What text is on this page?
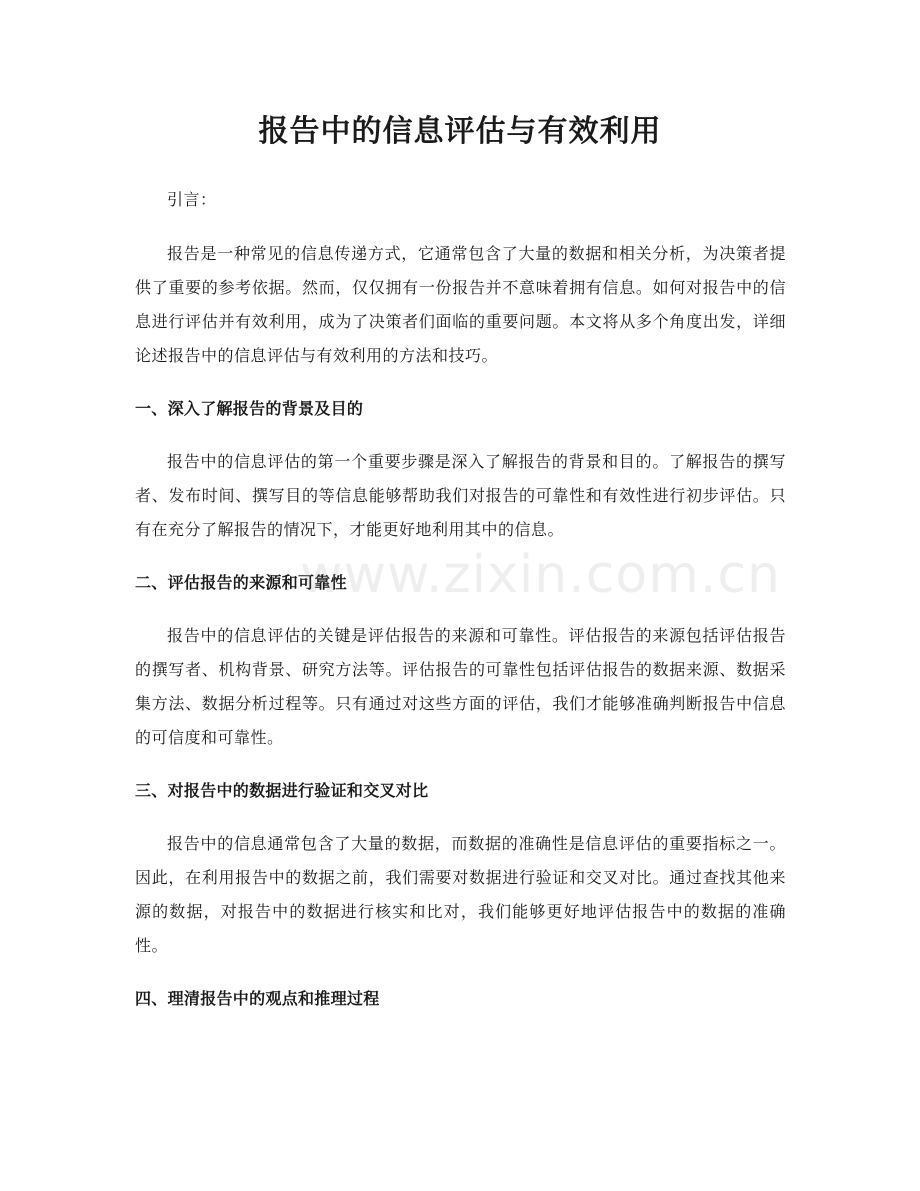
报告中的信息评估与有效利用

引言：

报告是一种常见的信息传递方式，它通常包含了大量的数据和相关分析，为决策者提供了重要的参考依据。然而，仅仅拥有一份报告并不意味着拥有信息。如何对报告中的信息进行评估并有效利用，成为了决策者们面临的重要问题。本文将从多个角度出发，详细论述报告中的信息评估与有效利用的方法和技巧。

一、深入了解报告的背景及目的

报告中的信息评估的第一个重要步骤是深入了解报告的背景和目的。了解报告的撰写者、发布时间、撰写目的等信息能够帮助我们对报告的可靠性和有效性进行初步评估。只有在充分了解报告的情况下，才能更好地利用其中的信息。

二、评估报告的来源和可靠性

报告中的信息评估的关键是评估报告的来源和可靠性。评估报告的来源包括评估报告的撰写者、机构背景、研究方法等。评估报告的可靠性包括评估报告的数据来源、数据采集方法、数据分析过程等。只有通过对这些方面的评估，我们才能够准确判断报告中信息的可信度和可靠性。

三、对报告中的数据进行验证和交叉对比

报告中的信息通常包含了大量的数据，而数据的准确性是信息评估的重要指标之一。因此，在利用报告中的数据之前，我们需要对数据进行验证和交叉对比。通过查找其他来源的数据，对报告中的数据进行核实和比对，我们能够更好地评估报告中的数据的准确性。

四、理清报告中的观点和推理过程
www.zixin.com.cn
